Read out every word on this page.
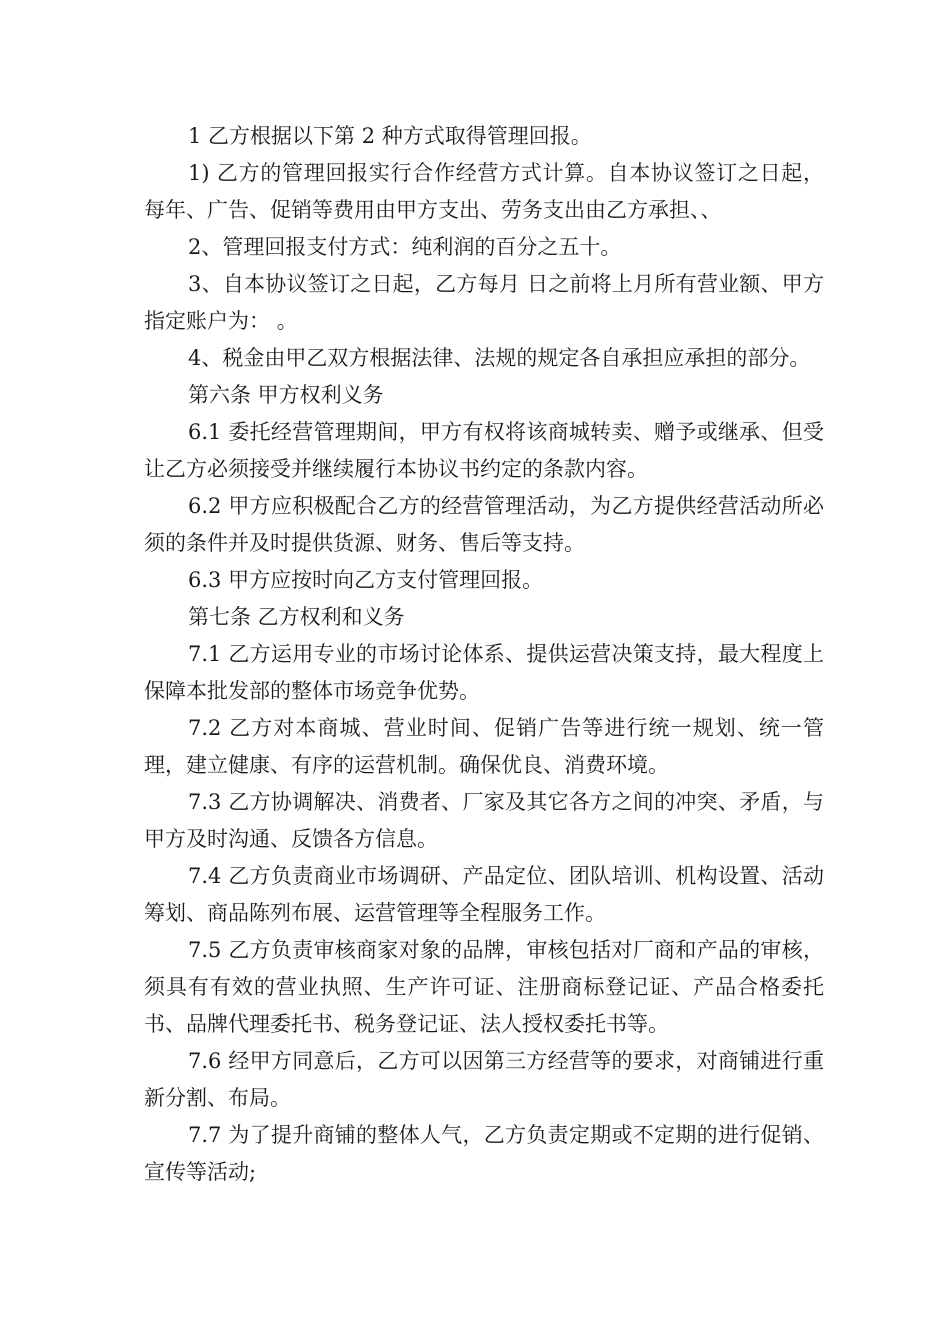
1 乙方根据以下第 2 种方式取得管理回报。

1) 乙方的管理回报实行合作经营方式计算。自本协议签订之日起，每年、广告、促销等费用由甲方支出、劳务支出由乙方承担、、

2、管理回报支付方式：纯利润的百分之五十。

3、自本协议签订之日起，乙方每月 日之前将上月所有营业额、甲方指定账户为： 。

4、税金由甲乙双方根据法律、法规的规定各自承担应承担的部分。

第六条 甲方权利义务

6.1 委托经营管理期间，甲方有权将该商城转卖、赠予或继承、但受让乙方必须接受并继续履行本协议书约定的条款内容。

6.2 甲方应积极配合乙方的经营管理活动，为乙方提供经营活动所必须的条件并及时提供货源、财务、售后等支持。

6.3 甲方应按时向乙方支付管理回报。

第七条 乙方权利和义务

7.1 乙方运用专业的市场讨论体系、提供运营决策支持，最大程度上保障本批发部的整体市场竞争优势。

7.2 乙方对本商城、营业时间、促销广告等进行统一规划、统一管理，建立健康、有序的运营机制。确保优良、消费环境。

7.3 乙方协调解决、消费者、厂家及其它各方之间的冲突、矛盾，与甲方及时沟通、反馈各方信息。

7.4 乙方负责商业市场调研、产品定位、团队培训、机构设置、活动筹划、商品陈列布展、运营管理等全程服务工作。

7.5 乙方负责审核商家对象的品牌，审核包括对厂商和产品的审核，须具有有效的营业执照、生产许可证、注册商标登记证、产品合格委托书、品牌代理委托书、税务登记证、法人授权委托书等。

7.6 经甲方同意后，乙方可以因第三方经营等的要求，对商铺进行重新分割、布局。

7.7 为了提升商铺的整体人气，乙方负责定期或不定期的进行促销、宣传等活动;
